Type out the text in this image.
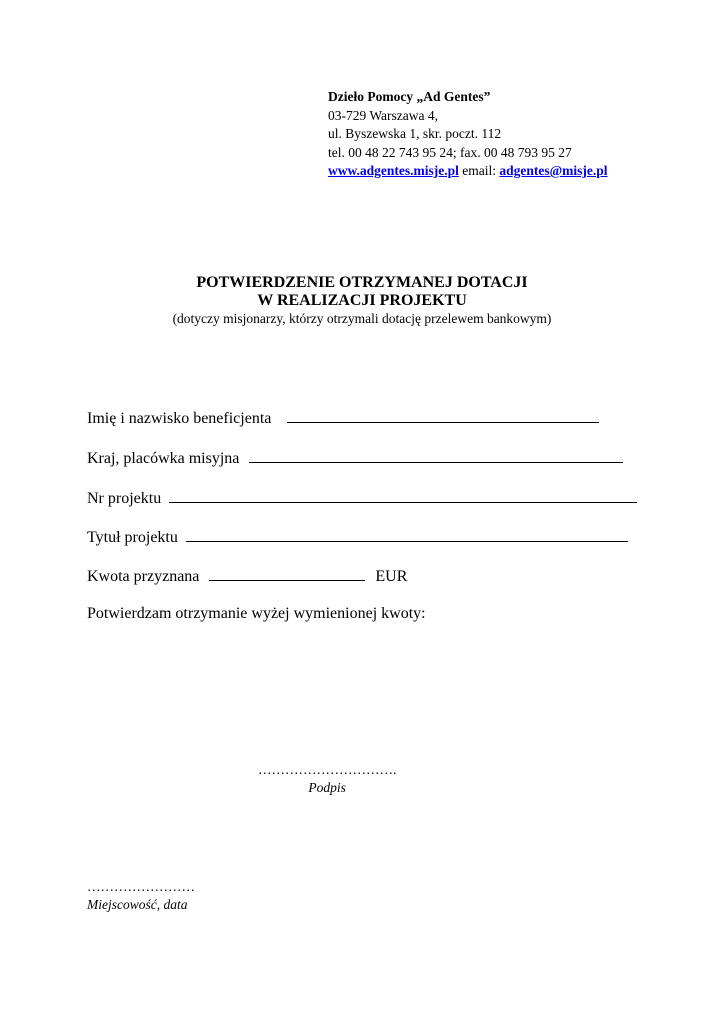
Dzieło Pomocy „Ad Gentes”
03-729 Warszawa 4,
ul. Byszewska 1, skr. poczt. 112
tel. 00 48 22 743 95 24; fax. 00 48 793 95 27
www.adgentes.misje.pl email: adgentes@misje.pl
POTWIERDZENIE OTRZYMANEJ DOTACJI
W REALIZACJI PROJEKTU
(dotyczy misjonarzy, którzy otrzymali dotację przelewem bankowym)
Imię i nazwisko beneficjenta
Kraj, placówka misyjna
Nr projektu
Tytuł projektu
Kwota przyznana	EUR
Potwierdzam otrzymanie wyżej wymienionej kwoty:
………………………….
Podpis
……………………
Miejscowość, data
